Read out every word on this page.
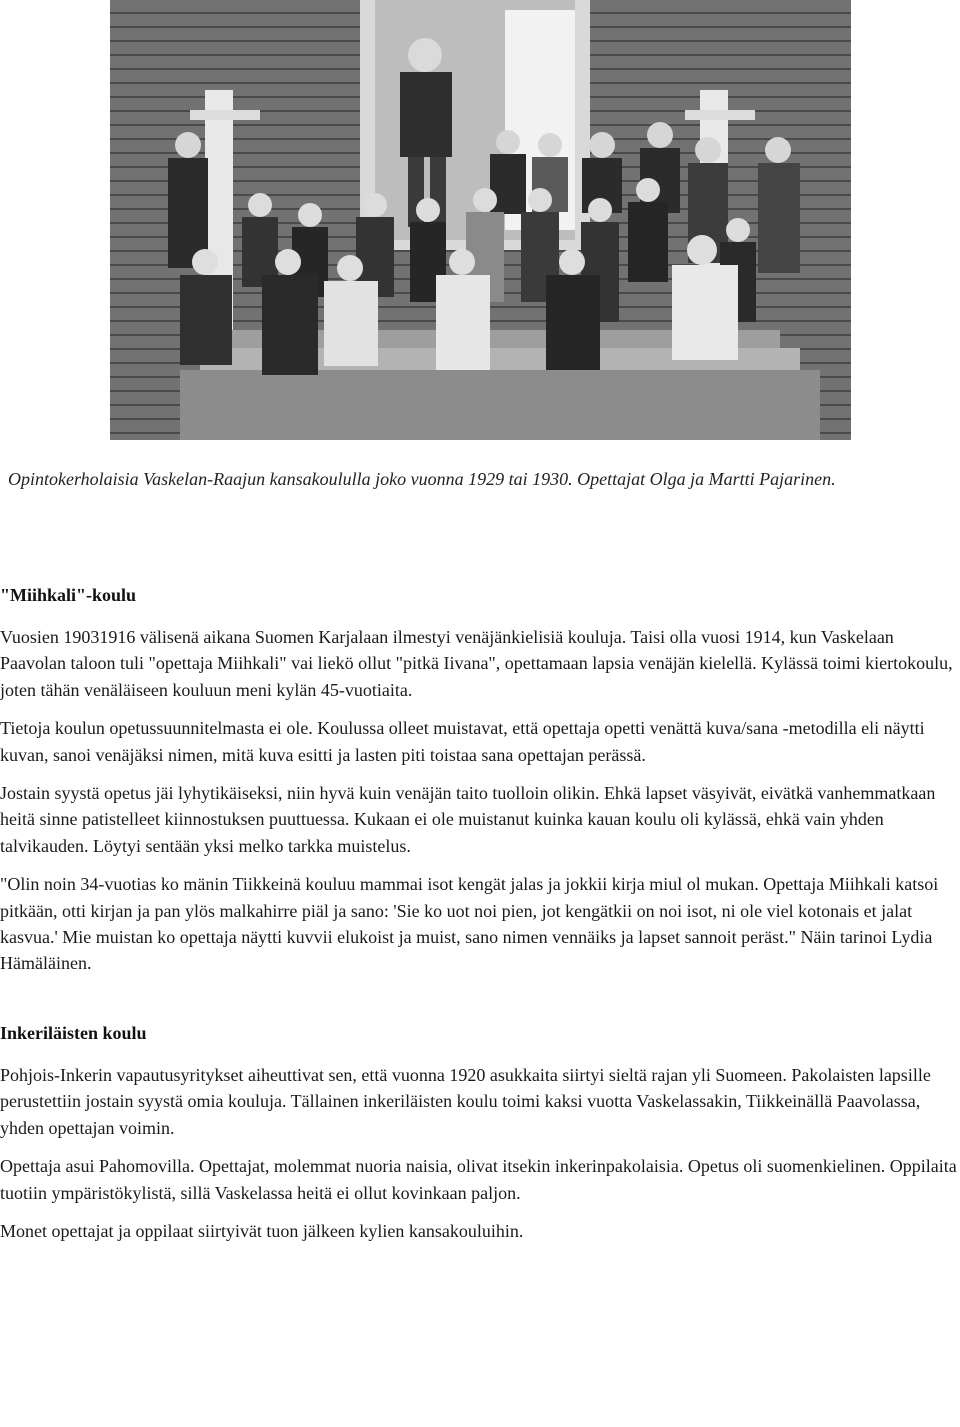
Opintokerholaisia Vaskelan-Raajun kansakoululla joko vuonna 1929 tai 1930. Opettajat Olga ja Martti Pajarinen.
"Miihkali"-koulu

Vuosien 19031916 välisenä aikana Suomen Karjalaan ilmestyi venäjänkielisiä kouluja. Taisi olla vuosi 1914, kun Vaskelaan Paavolan taloon tuli "opettaja Miihkali" vai liekö ollut "pitkä Iivana", opettamaan lapsia venäjän kielellä. Kylässä toimi kiertokoulu, joten tähän venäläiseen kouluun meni kylän 45-vuotiaita.

Tietoja koulun opetussuunnitelmasta ei ole. Koulussa olleet muistavat, että opettaja opetti venättä kuva/sana -metodilla eli näytti kuvan, sanoi venäjäksi nimen, mitä kuva esitti ja lasten piti toistaa sana opettajan perässä.

Jostain syystä opetus jäi lyhytikäiseksi, niin hyvä kuin venäjän taito tuolloin olikin. Ehkä lapset väsyivät, eivätkä vanhemmatkaan heitä sinne patistelleet kiinnostuksen puuttuessa. Kukaan ei ole muistanut kuinka kauan koulu oli kylässä, ehkä vain yhden talvikauden. Löytyi sentään yksi melko tarkka muistelus.

"Olin noin 34-vuotias ko mänin Tiikkeinä kouluu mammai isot kengät jalas ja jokkii kirja miul ol mukan. Opettaja Miihkali katsoi pitkään, otti kirjan ja pan ylös malkahirre piäl ja sano: 'Sie ko uot noi pien, jot kengätkii on noi isot, ni ole viel kotonais et jalat kasvua.' Mie muistan ko opettaja näytti kuvvii elukoist ja muist, sano nimen vennäiks ja lapset sannoit peräst." Näin tarinoi Lydia Hämäläinen.

Inkeriläisten koulu

Pohjois-Inkerin vapautusyritykset aiheuttivat sen, että vuonna 1920 asukkaita siirtyi sieltä rajan yli Suomeen. Pakolaisten lapsille perustettiin jostain syystä omia kouluja. Tällainen inkeriläisten koulu toimi kaksi vuotta Vaskelassakin, Tiikkeinällä Paavolassa, yhden opettajan voimin.

Opettaja asui Pahomovilla. Opettajat, molemmat nuoria naisia, olivat itsekin inkerinpakolaisia. Opetus oli suomenkielinen. Oppilaita tuotiin ympäristökylistä, sillä Vaskelassa heitä ei ollut kovinkaan paljon.

Monet opettajat ja oppilaat siirtyivät tuon jälkeen kylien kansakouluihin.
